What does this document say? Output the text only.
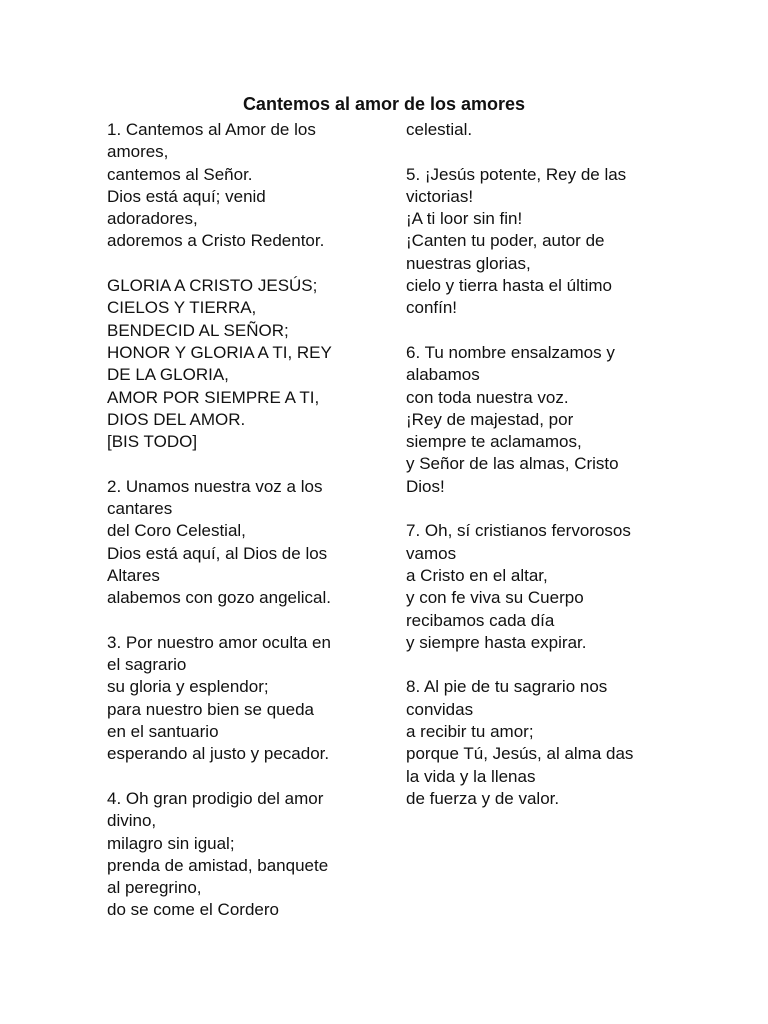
Cantemos al amor de los amores
1. Cantemos al Amor de los
amores,
cantemos al Señor.
Dios está aquí; venid
adoradores,
adoremos a Cristo Redentor.
GLORIA A CRISTO JESÚS;
CIELOS Y TIERRA,
BENDECID AL SEÑOR;
HONOR Y GLORIA A TI, REY
DE LA GLORIA,
AMOR POR SIEMPRE A TI,
DIOS DEL AMOR.
[BIS TODO]
2. Unamos nuestra voz a los
cantares
del Coro Celestial,
Dios está aquí, al Dios de los
Altares
alabemos con gozo angelical.
3. Por nuestro amor oculta en
el sagrario
su gloria y esplendor;
para nuestro bien se queda
en el santuario
esperando al justo y pecador.
4. Oh gran prodigio del amor
divino,
milagro sin igual;
prenda de amistad, banquete
al peregrino,
do se come el Cordero
celestial.
5. ¡Jesús potente, Rey de las
victorias!
¡A ti loor sin fin!
¡Canten tu poder, autor de
nuestras glorias,
cielo y tierra hasta el último
confín!
6. Tu nombre ensalzamos y
alabamos
con toda nuestra voz.
¡Rey de majestad, por
siempre te aclamamos,
y Señor de las almas, Cristo
Dios!
7. Oh, sí cristianos fervorosos
vamos
a Cristo en el altar,
y con fe viva su Cuerpo
recibamos cada día
y siempre hasta expirar.
8. Al pie de tu sagrario nos
convidas
a recibir tu amor;
porque Tú, Jesús, al alma das
la vida y la llenas
de fuerza y de valor.
